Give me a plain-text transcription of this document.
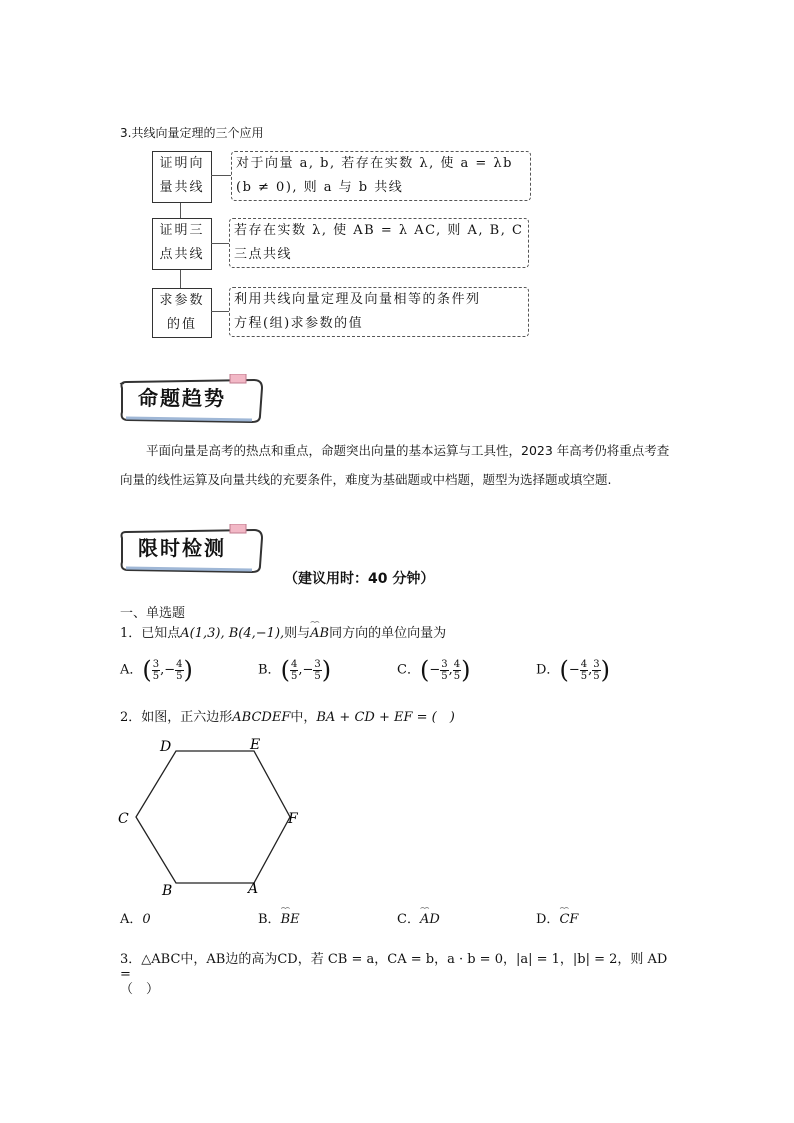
3.共线向量定理的三个应用
证明向
量共线
对于向量 a, b, 若存在实数 λ, 使 a = λb
(b ≠ 0), 则 a 与 b 共线
证明三
点共线
若存在实数 λ, 使 AB = λ AC, 则 A, B, C
三点共线
求参数
的值
利用共线向量定理及向量相等的条件列
方程(组)求参数的值
命题趋势
平面向量是高考的热点和重点，命题突出向量的基本运算与工具性，2023 年高考仍将重点考查向量的线性运算及向量共线的充要条件，难度为基础题或中档题，题型为选择题或填空题.
限时检测
（建议用时：40 分钟）
一、单选题
1．已知点A(1,3), B(4,−1),则与⌢⌢ AB同方向的单位向量为
A．( $\frac{3}{5}$ ,− $\frac{4}{5}$ )	B．( $\frac{4}{5}$ ,− $\frac{3}{5}$ )	C．(− $\frac{3}{5}$ , $\frac{4}{5}$ )	D．(− $\frac{4}{5}$ , $\frac{3}{5}$ )
2．如图，正六边形ABCDEF中，BA + CD + EF = (　)
D	E
C	F
B	A
A．0	B．⌢⌢ BE	C．⌢⌢ AD	D．⌢⌢ CF
3．△ABC中，AB边的高为CD，若 CB = a，CA = b，a · b = 0，|a| = 1，|b| = 2，则 AD =
（　）
